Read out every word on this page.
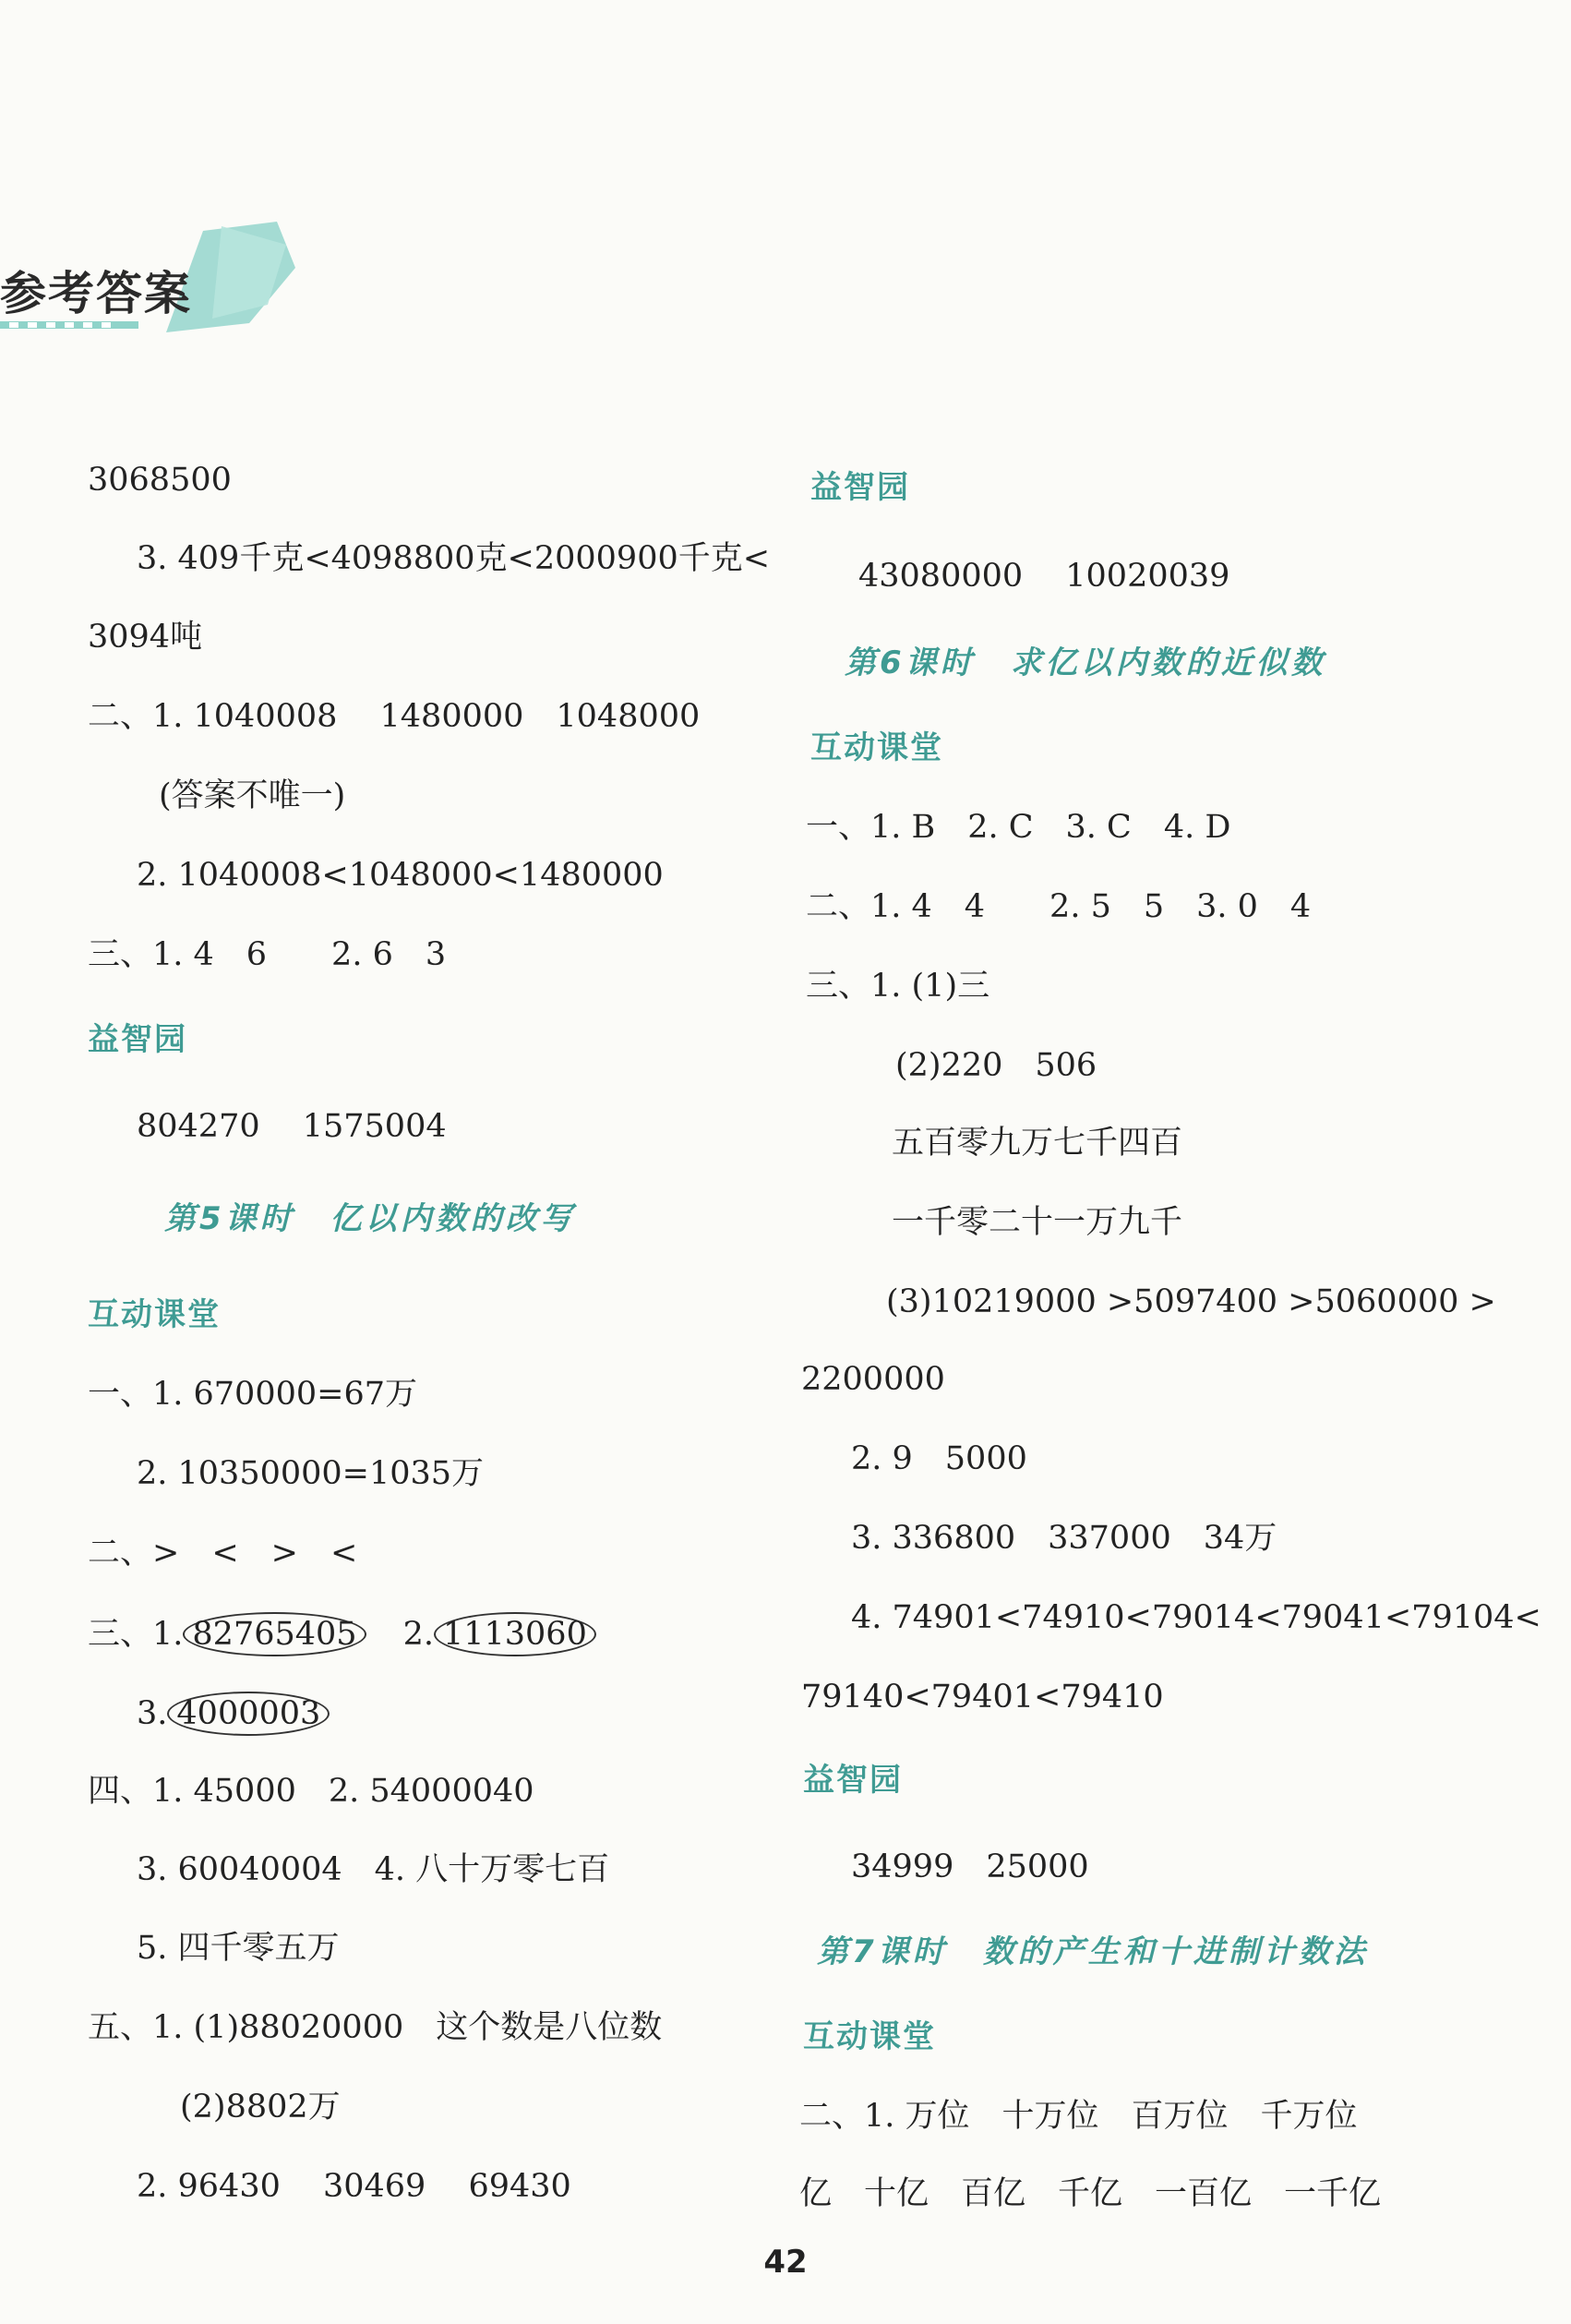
参考答案
3068500
3. 409千克<4098800克<2000900千克<
3094吨
二、1. 1040008　 1480000　1048000
(答案不唯一)
2. 1040008<1048000<1480000
三、1. 4　6　　2. 6　3
益智园
804270　 1575004
第5课时　亿以内数的改写
互动课堂
一、1. 670000=67万
2. 10350000=1035万
二、>　<　>　<
三、1. 82765405 2. 1113060
3. 4000003
四、1. 45000　2. 54000040
3. 60040004　4. 八十万零七百
5. 四千零五万
五、1. (1)88020000　这个数是八位数
(2)8802万
2. 96430　 30469　 69430
益智园
43080000　 10020039
第6课时　求亿以内数的近似数
互动课堂
一、1. B　2. C　3. C　4. D
二、1. 4　4　　2. 5　5　3. 0　4
三、1. (1)三
(2)220　506
五百零九万七千四百
一千零二十一万九千
(3)10219000 >5097400 >5060000 >
2200000
2. 9　5000
3. 336800　337000　34万
4. 74901<74910<79014<79041<79104<
79140<79401<79410
益智园
34999　25000
第7课时　数的产生和十进制计数法
互动课堂
二、1. 万位　十万位　百万位　千万位
亿　十亿　百亿　千亿　一百亿　一千亿
42
